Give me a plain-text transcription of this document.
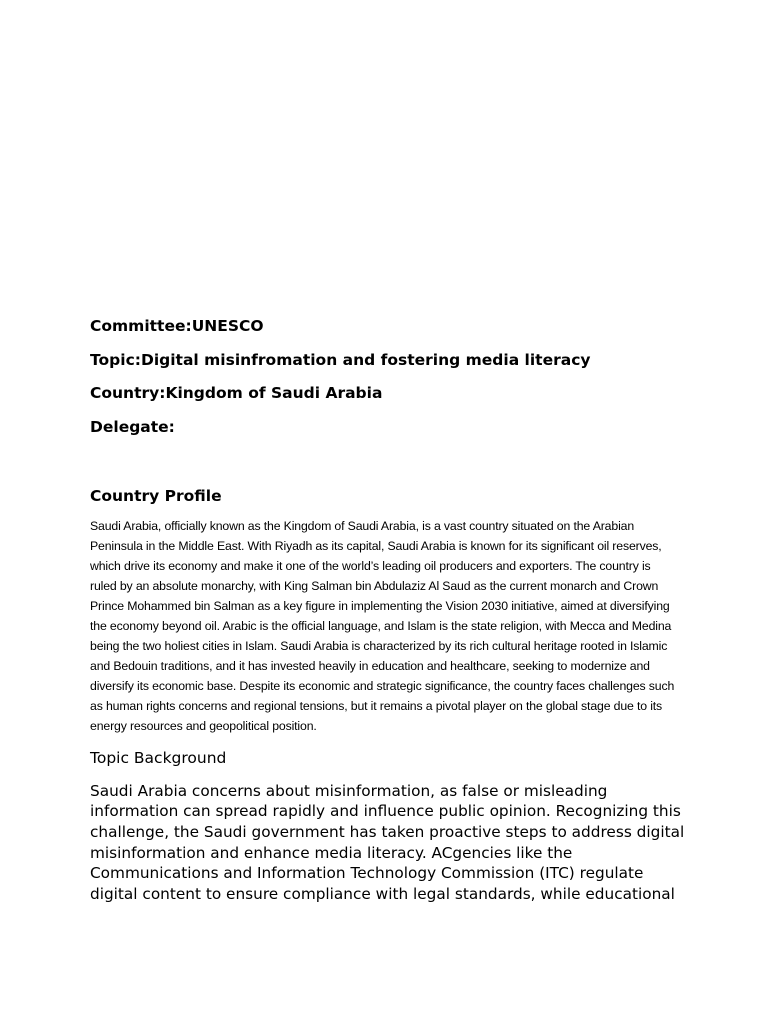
Committee:UNESCO

Topic:Digital misinfromation and fostering media literacy

Country:Kingdom of Saudi Arabia

Delegate:

Country Profile

Saudi Arabia, officially known as the Kingdom of Saudi Arabia, is a vast country situated on the Arabian Peninsula in the Middle East. With Riyadh as its capital, Saudi Arabia is known for its significant oil reserves, which drive its economy and make it one of the world’s leading oil producers and exporters. The country is ruled by an absolute monarchy, with King Salman bin Abdulaziz Al Saud as the current monarch and Crown Prince Mohammed bin Salman as a key figure in implementing the Vision 2030 initiative, aimed at diversifying the economy beyond oil. Arabic is the official language, and Islam is the state religion, with Mecca and Medina being the two holiest cities in Islam. Saudi Arabia is characterized by its rich cultural heritage rooted in Islamic and Bedouin traditions, and it has invested heavily in education and healthcare, seeking to modernize and diversify its economic base. Despite its economic and strategic significance, the country faces challenges such as human rights concerns and regional tensions, but it remains a pivotal player on the global stage due to its energy resources and geopolitical position.

Topic Background

Saudi Arabia concerns about misinformation, as false or misleading information can spread rapidly and influence public opinion. Recognizing this challenge, the Saudi government has taken proactive steps to address digital misinformation and enhance media literacy. ACgencies like the Communications and Information Technology Commission (ITC) regulate digital content to ensure compliance with legal standards, while educational
